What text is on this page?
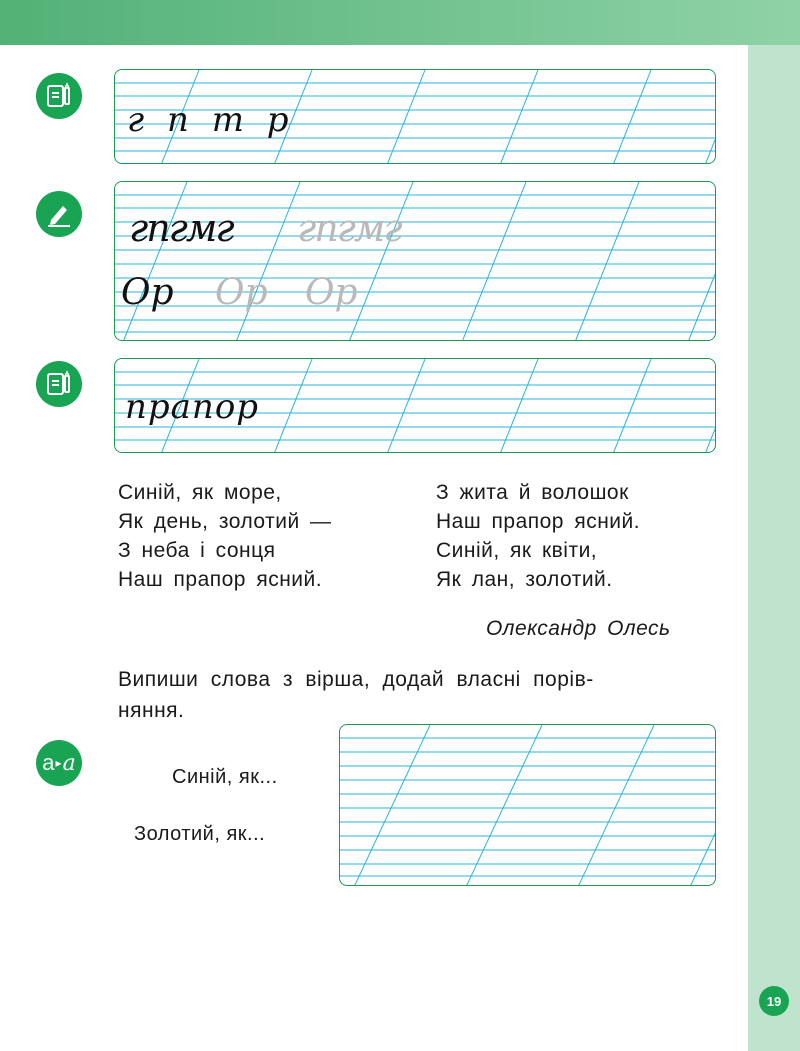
г п т р
гпгмг гпгмг
Ор Ор Ор
прапор
Синій, як море,
Як день, золотий —
З неба і сонця
Наш прапор ясний.
З жита й волошок
Наш прапор ясний.
Синій, як квіти,
Як лан, золотий.
Олександр Олесь
Випиши слова з вірша, додай власні порів-
няння.
а ▸ a
Синій, як...
Золотий, як...
19
